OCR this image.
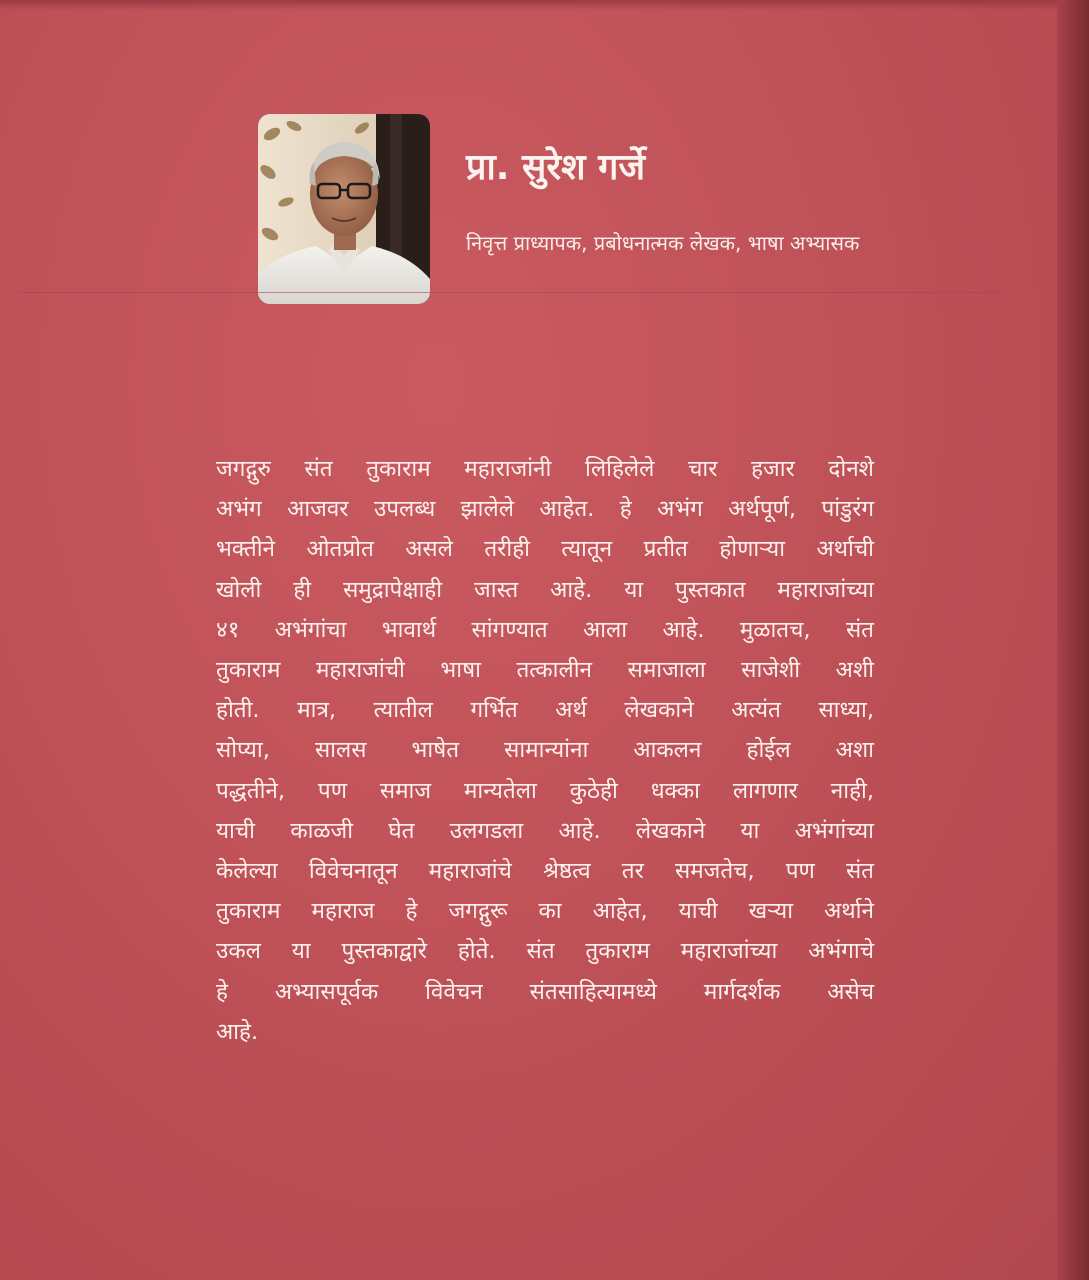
प्रा. सुरेश गर्जे

निवृत्त प्राध्यापक, प्रबोधनात्मक लेखक, भाषा अभ्यासक

जगद्गुरु संत तुकाराम महाराजांनी लिहिलेले चार हजार दोनशे
अभंग आजवर उपलब्ध झालेले आहेत. हे अभंग अर्थपूर्ण, पांडुरंग
भक्तीने ओतप्रोत असले तरीही त्यातून प्रतीत होणाऱ्या अर्थाची
खोली ही समुद्रापेक्षाही जास्त आहे. या पुस्तकात महाराजांच्या
४१ अभंगांचा भावार्थ सांगण्यात आला आहे. मुळातच, संत
तुकाराम महाराजांची भाषा तत्कालीन समाजाला साजेशी अशी
होती. मात्र, त्यातील गर्भित अर्थ लेखकाने अत्यंत साध्या,
सोप्या, सालस भाषेत सामान्यांना आकलन होईल अशा
पद्धतीने, पण समाज मान्यतेला कुठेही धक्का लागणार नाही,
याची काळजी घेत उलगडला आहे. लेखकाने या अभंगांच्या
केलेल्या विवेचनातून महाराजांचे श्रेष्ठत्व तर समजतेच, पण संत
तुकाराम महाराज हे जगद्गुरू का आहेत, याची खऱ्या अर्थाने
उकल या पुस्तकाद्वारे होते. संत तुकाराम महाराजांच्या अभंगाचे
हे अभ्यासपूर्वक विवेचन संतसाहित्यामध्ये मार्गदर्शक असेच
आहे.
